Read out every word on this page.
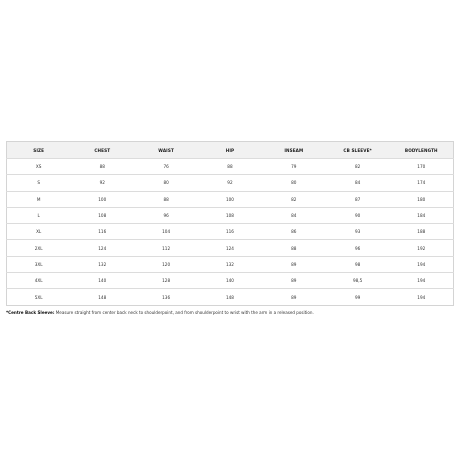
SIZE	CHEST	WAIST	HIP	INSEAM	CB SLEEVE*	BODYLENGTH
XS	88	76	88	79	82	170
S	92	80	92	80	84	174
M	100	88	100	82	87	180
L	108	96	108	84	90	184
XL	116	104	116	86	93	188
2XL	124	112	124	88	96	192
3XL	132	120	132	89	98	194
4XL	140	128	140	89	98,5	194
5XL	148	136	148	89	99	194
*Centre Back Sleeve: Measure straight from center back neck to shoulderpoint, and from shoulderpoint to wrist with the arm in a released position.
